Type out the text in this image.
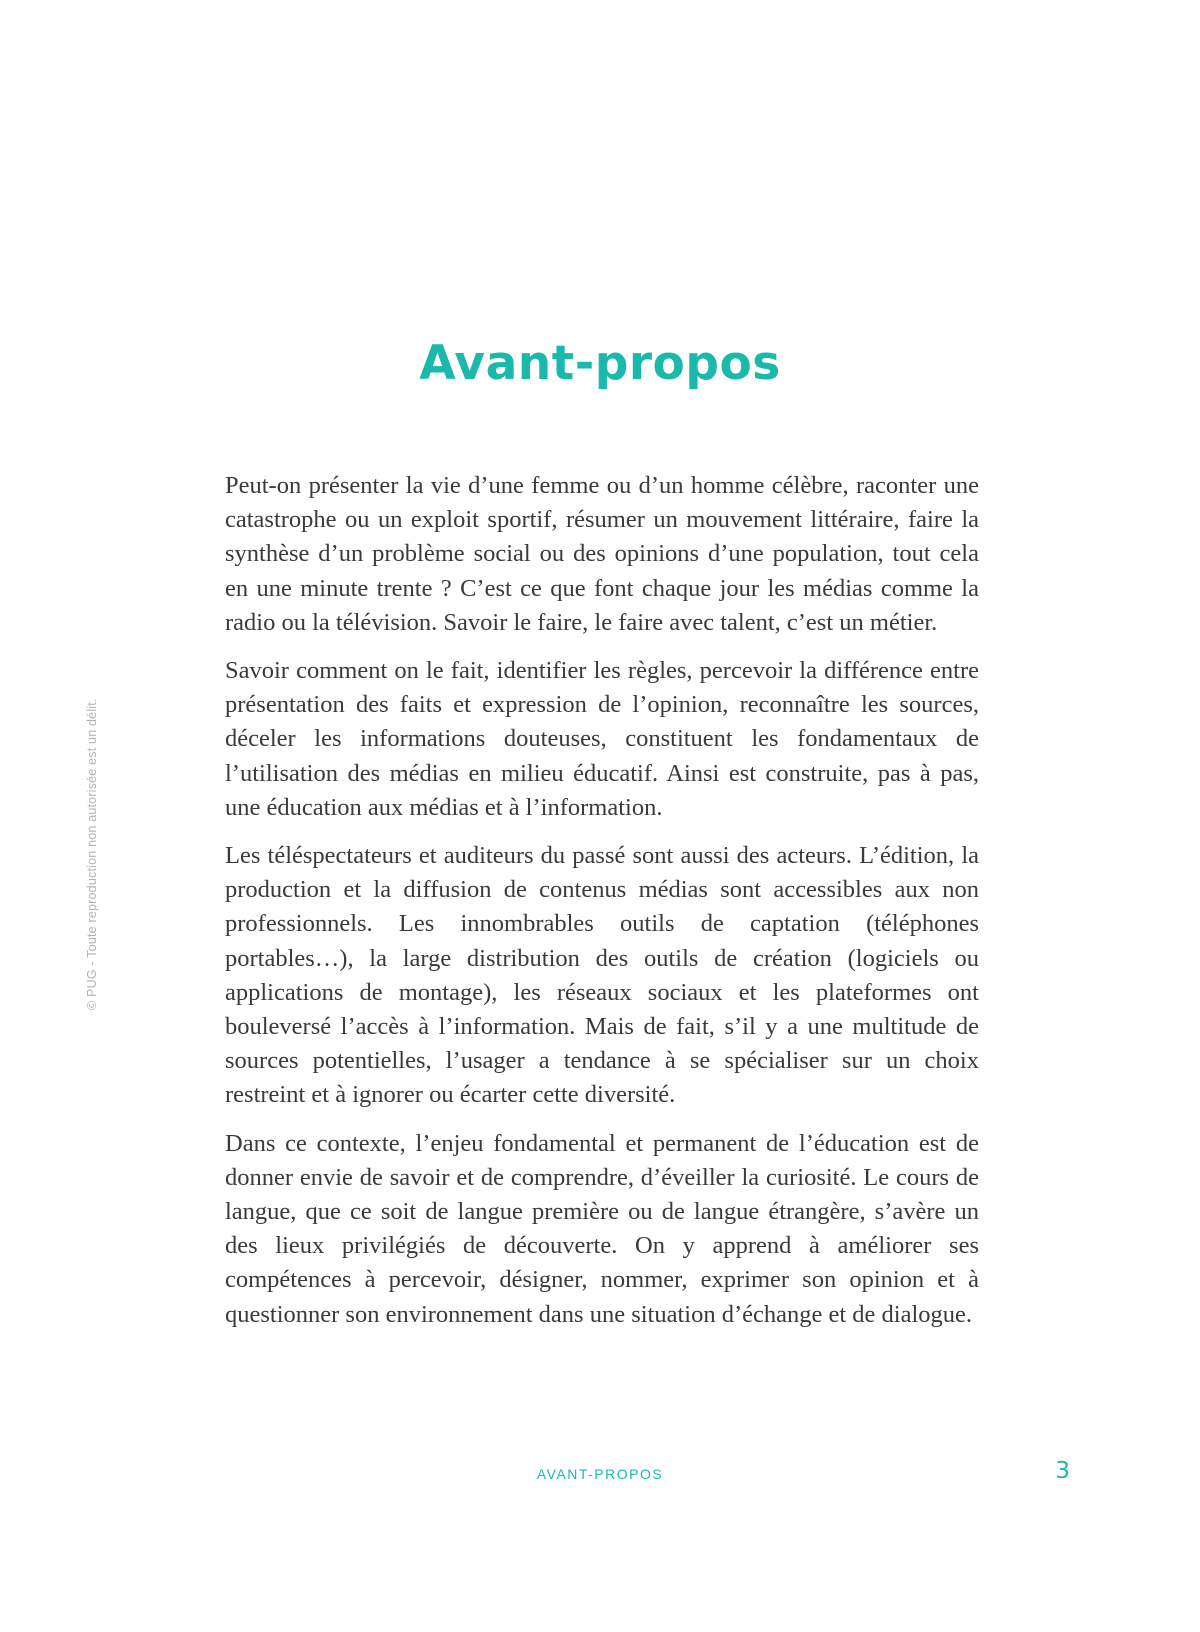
Avant-propos

Peut-on présenter la vie d’une femme ou d’un homme célèbre, raconter une catastrophe ou un exploit sportif, résumer un mouvement littéraire, faire la synthèse d’un problème social ou des opinions d’une population, tout cela en une minute trente ? C’est ce que font chaque jour les médias comme la radio ou la télévision. Savoir le faire, le faire avec talent, c’est un métier.

Savoir comment on le fait, identifier les règles, percevoir la différence entre présentation des faits et expression de l’opinion, reconnaître les sources, déceler les informations douteuses, constituent les fondamentaux de l’utilisation des médias en milieu éducatif. Ainsi est construite, pas à pas, une éducation aux médias et à l’information.

Les téléspectateurs et auditeurs du passé sont aussi des acteurs. L’édition, la production et la diffusion de contenus médias sont accessibles aux non professionnels. Les innombrables outils de captation (téléphones portables…), la large distribution des outils de création (logiciels ou applications de montage), les réseaux sociaux et les plateformes ont bouleversé l’accès à l’information. Mais de fait, s’il y a une multitude de sources potentielles, l’usager a tendance à se spécialiser sur un choix restreint et à ignorer ou écarter cette diversité.

Dans ce contexte, l’enjeu fondamental et permanent de l’éducation est de donner envie de savoir et de comprendre, d’éveiller la curiosité. Le cours de langue, que ce soit de langue première ou de langue étrangère, s’avère un des lieux privilégiés de découverte. On y apprend à améliorer ses compétences à percevoir, désigner, nommer, exprimer son opinion et à questionner son environnement dans une situation d’échange et de dialogue.

© PUG - Toute reproduction non autorisée est un délit.
AVANT-PROPOS	3
